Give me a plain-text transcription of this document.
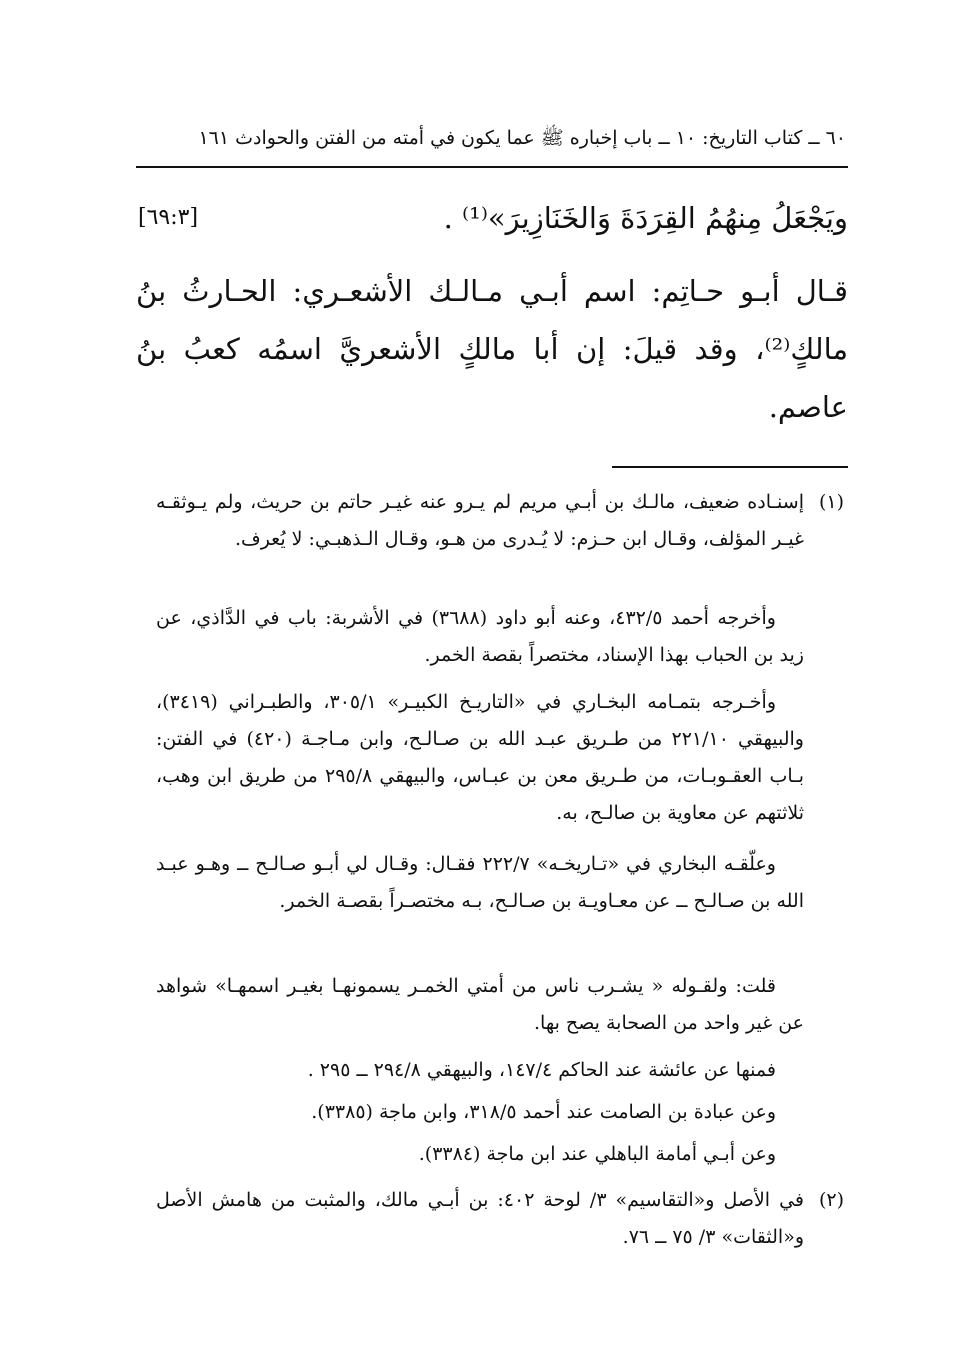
٦٠ ــ كتاب التاريخ: ١٠ ــ باب إخباره ﷺ عما يكون في أمته من الفتن والحوادث ١٦١
ويَجْعَلُ مِنهُمُ القِرَدَةَ وَالخَنَازِيرَ»⁽¹⁾ .
[٦٩:٣]
قـال أبـو حـاتِم: اسم أبـي مـالـك الأشعـري: الحـارثُ بنُ مالكٍ⁽²⁾، وقد قيلَ: إن أبا مالكٍ الأشعريَّ اسمُه كعبُ بنُ عاصم.
(١)
إسنـاده ضعيف، مالـك بن أبـي مريم لم يـرو عنه غيـر حاتم بن حريث، ولم يـوثقـه غيـر المؤلف، وقـال ابن حـزم: لا يُـدرى من هـو، وقـال الـذهبـي: لا يُعرف.
وأخرجه أحمد ٤٣٢/٥، وعنه أبو داود (٣٦٨٨) في الأشربة: باب في الدَّاذي، عن زيد بن الحباب بهذا الإسناد، مختصراً بقصة الخمر.
وأخـرجه بتمـامه البخـاري في «التاريـخ الكبيـر» ٣٠٥/١، والطبـراني (٣٤١٩)، والبيهقي ٢٢١/١٠ من طـريق عبـد الله بن صـالـح، وابن مـاجـة (٤٢٠) في الفتن: بـاب العقـوبـات، من طـريق معن بن عبـاس، والبيهقي ٢٩٥/٨ من طريق ابن وهب، ثلاثتهم عن معاوية بن صالـح، به.
وعلّقـه البخاري في «تـاريخـه» ٢٢٢/٧ فقـال: وقـال لي أبـو صـالـح ــ وهـو عبـد الله بن صـالـح ــ عن معـاويـة بن صـالـح، بـه مختصـراً بقصـة الخمر.
قلت: ولقـوله « يشـرب ناس من أمتي الخمـر يسمونهـا بغيـر اسمهـا» شواهد عن غير واحد من الصحابة يصح بها.
فمنها عن عائشة عند الحاكم ١٤٧/٤، والبيهقي ٢٩٤/٨ ــ ٢٩٥ .
وعن عبادة بن الصامت عند أحمد ٣١٨/٥، وابن ماجة (٣٣٨٥).
وعن أبـي أمامة الباهلي عند ابن ماجة (٣٣٨٤).
(٢)
في الأصل و«التقاسيم» ٣/ لوحة ٤٠٢: بن أبـي مالك، والمثبت من هامش الأصل و«الثقات» ٣/ ٧٥ ــ ٧٦.
